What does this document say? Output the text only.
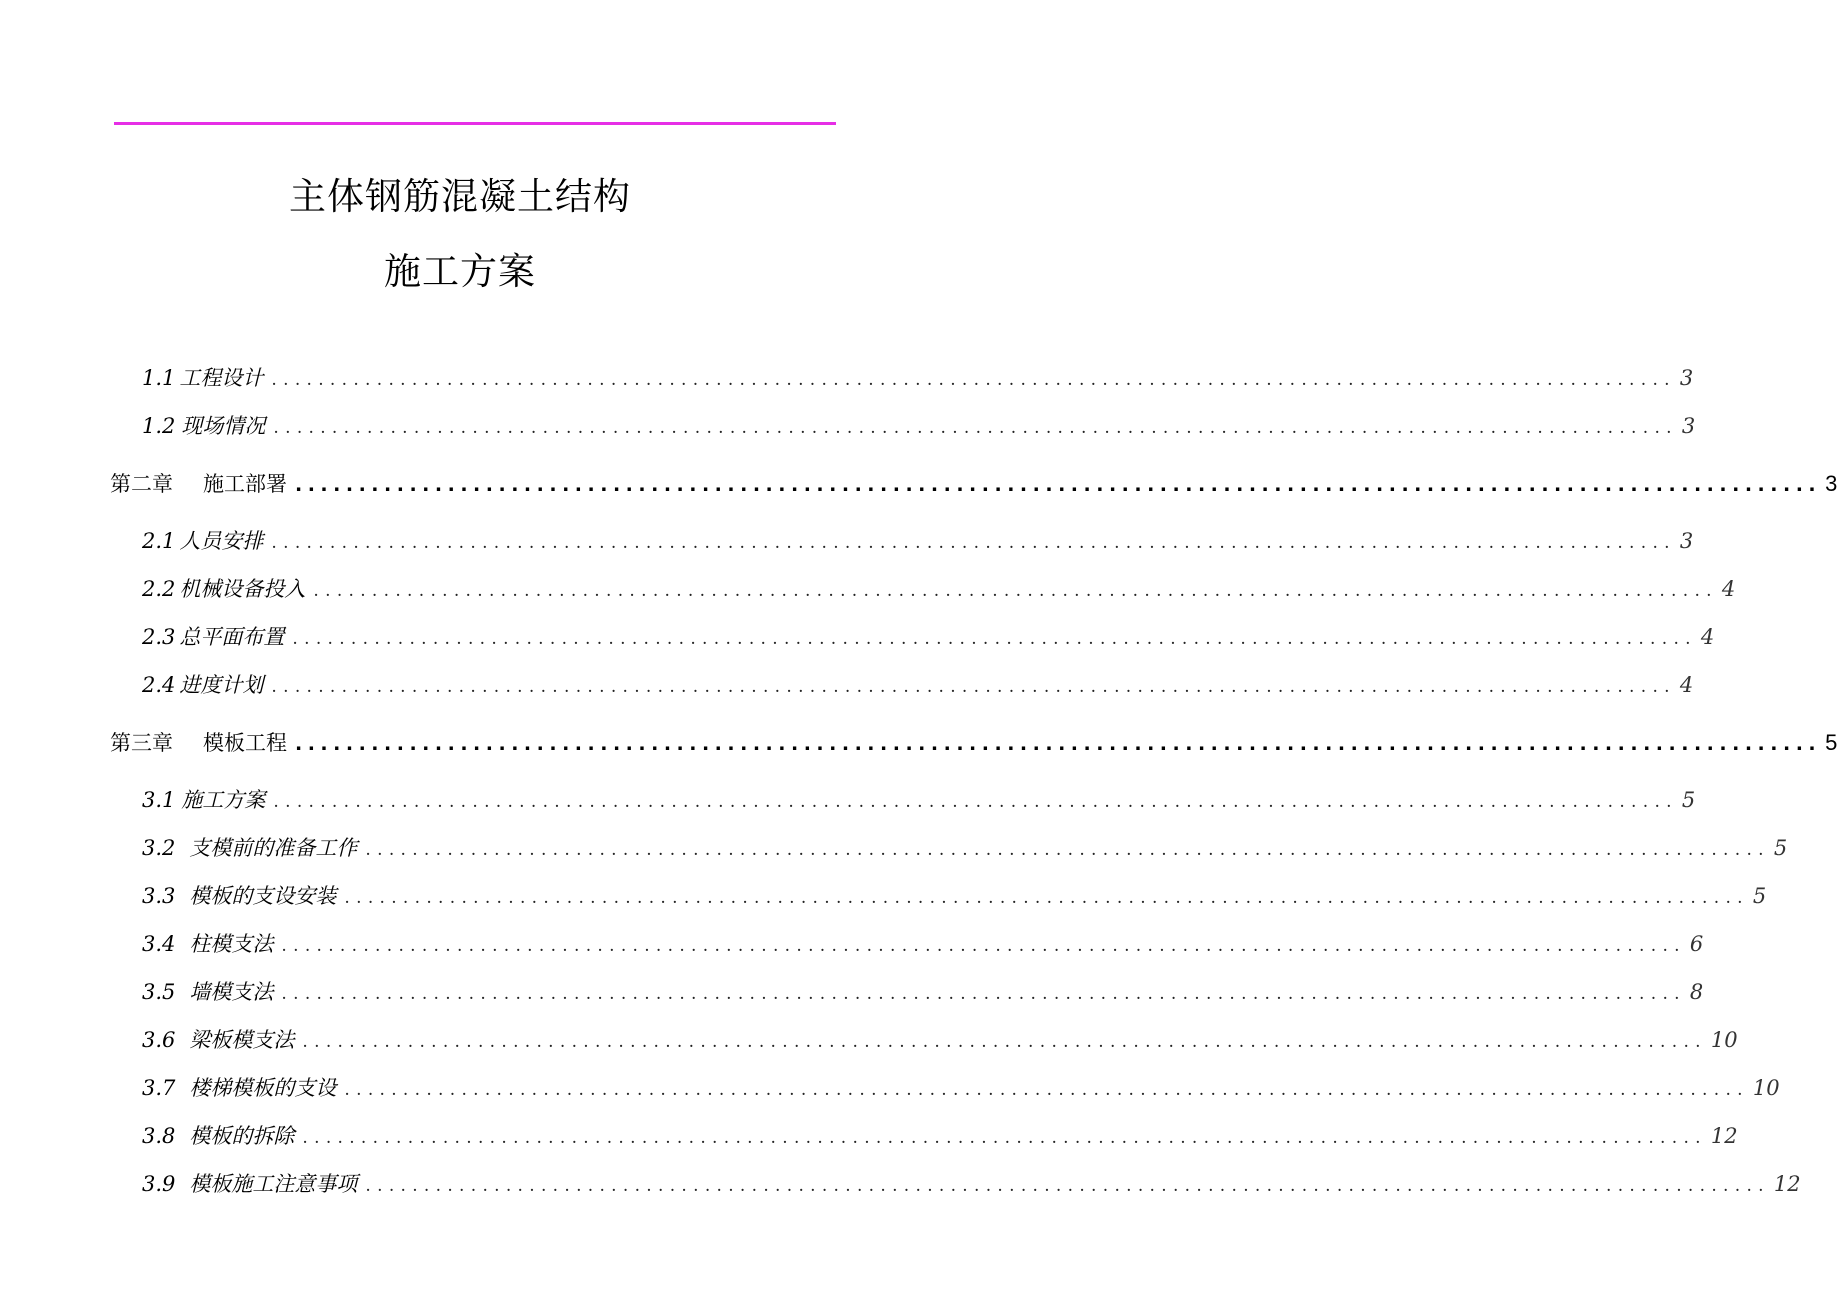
主体钢筋混凝土结构
施工方案
1.1 工程设计 ........................................................................................................................ 3
1.2 现场情况 ........................................................................................................................ 3
第二章 施工部署 ........................................................................................................................ 3
2.1 人员安排 ........................................................................................................................ 3
2.2 机械设备投入 ........................................................................................................................ 4
2.3 总平面布置 ........................................................................................................................ 4
2.4 进度计划 ........................................................................................................................ 4
第三章 模板工程 ........................................................................................................................ 5
3.1 施工方案 ........................................................................................................................ 5
3.2 支模前的准备工作 ........................................................................................................................ 5
3.3 模板的支设安装 ........................................................................................................................ 5
3.4 柱模支法 ........................................................................................................................ 6
3.5 墙模支法 ........................................................................................................................ 8
3.6 梁板模支法 ........................................................................................................................ 10
3.7 楼梯模板的支设 ........................................................................................................................ 10
3.8 模板的拆除 ........................................................................................................................ 12
3.9 模板施工注意事项 ........................................................................................................................ 12
